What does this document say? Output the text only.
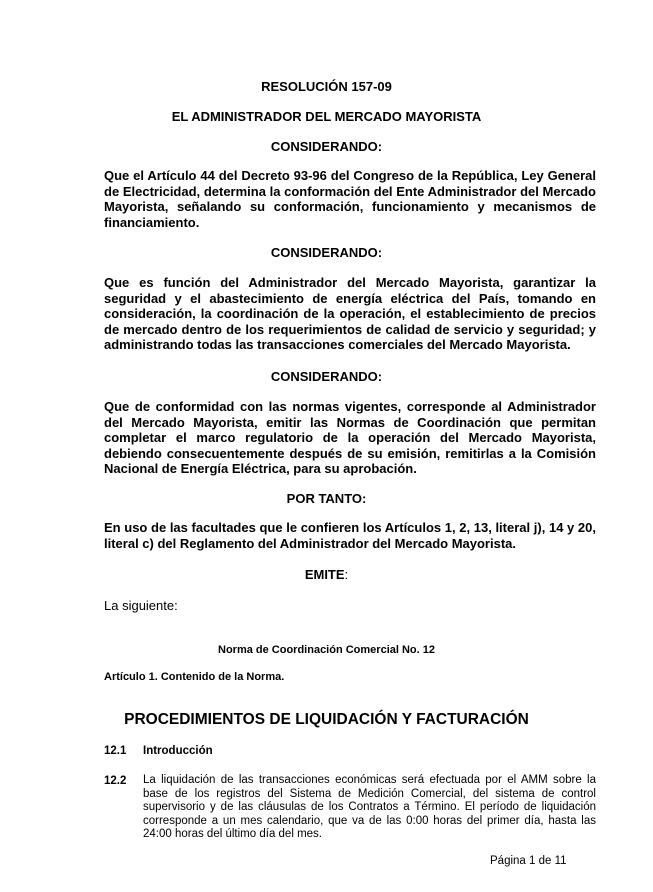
RESOLUCIÓN 157-09
EL ADMINISTRADOR DEL MERCADO MAYORISTA
CONSIDERANDO:
Que el Artículo 44 del Decreto 93-96 del Congreso de la República, Ley General de Electricidad, determina la conformación del Ente Administrador del Mercado Mayorista, señalando su conformación, funcionamiento y mecanismos de financiamiento.
CONSIDERANDO:
Que es función del Administrador del Mercado Mayorista, garantizar la seguridad y el abastecimiento de energía eléctrica del País, tomando en consideración, la coordinación de la operación, el establecimiento de precios de mercado dentro de los requerimientos de calidad de servicio y seguridad; y administrando todas las transacciones comerciales del Mercado Mayorista.
CONSIDERANDO:
Que de conformidad con las normas vigentes, corresponde al Administrador del Mercado Mayorista, emitir las Normas de Coordinación que permitan completar el marco regulatorio de la operación del Mercado Mayorista, debiendo consecuentemente después de su emisión, remitirlas a la Comisión Nacional de Energía Eléctrica, para su aprobación.
POR TANTO:
En uso de las facultades que le confieren los Artículos 1, 2, 13, literal j), 14 y 20, literal c) del Reglamento del Administrador del Mercado Mayorista.
EMITE:
La siguiente:
Norma de Coordinación Comercial No. 12
Artículo 1. Contenido de la Norma.
PROCEDIMIENTOS DE LIQUIDACIÓN Y FACTURACIÓN
12.1 Introducción
12.2 La liquidación de las transacciones económicas será efectuada por el AMM sobre la base de los registros del Sistema de Medición Comercial, del sistema de control supervisorio y de las cláusulas de los Contratos a Término. El período de liquidación corresponde a un mes calendario, que va de las 0:00 horas del primer día, hasta las 24:00 horas del último día del mes.
Página 1 de 11
